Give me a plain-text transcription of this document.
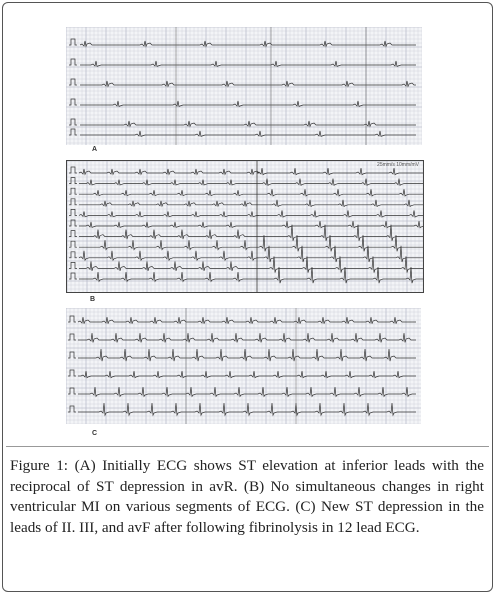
A
25mm/s 10mm/mV
B
C
Figure 1: (A) Initially ECG shows ST elevation at inferior leads with the reciprocal of ST depression in avR. (B) No simultaneous changes in right ventricular MI on various segments of ECG. (C) New ST depression in the leads of II. III, and avF after following fibrinolysis in 12 lead ECG.
